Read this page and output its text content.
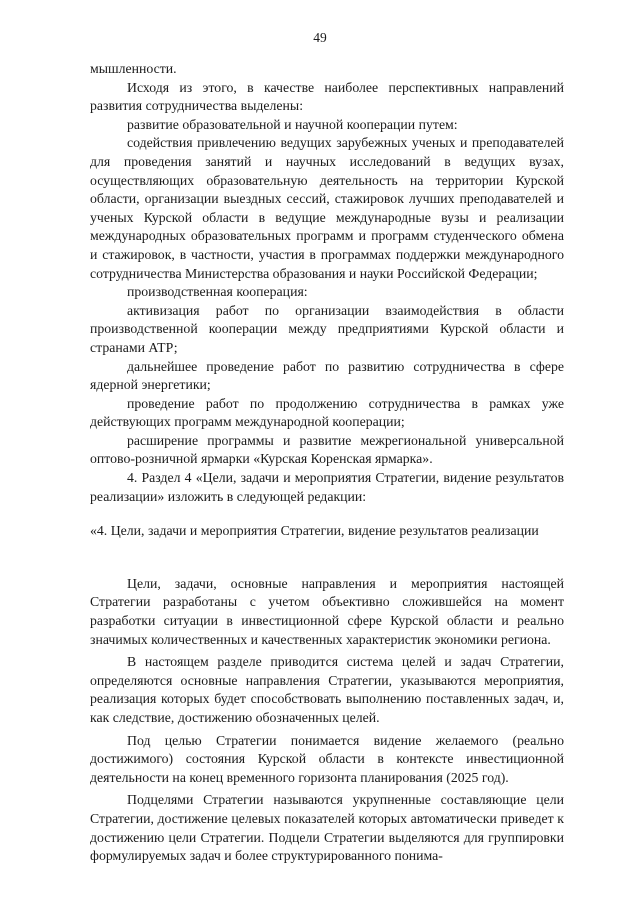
49

мышленности.

Исходя из этого, в качестве наиболее перспективных направлений развития сотрудничества выделены:

развитие образовательной и научной кооперации путем:

содействия привлечению ведущих зарубежных ученых и преподавателей для проведения занятий и научных исследований в ведущих вузах, осуществляющих образовательную деятельность на территории Курской области, организации выездных сессий, стажировок лучших преподавателей и ученых Курской области в ведущие международные вузы и реализации международных образовательных программ и программ студенческого обмена и стажировок, в частности, участия в программах поддержки международного сотрудничества Министерства образования и науки Российской Федерации;

производственная кооперация:

активизация работ по организации взаимодействия в области производственной кооперации между предприятиями Курской области и странами АТР;

дальнейшее проведение работ по развитию сотрудничества в сфере ядерной энергетики;

проведение работ по продолжению сотрудничества в рамках уже действующих программ международной кооперации;

расширение программы и развитие межрегиональной универсальной оптово-розничной ярмарки «Курская Коренская ярмарка».

4. Раздел 4 «Цели, задачи и мероприятия Стратегии, видение результатов реализации» изложить в следующей редакции:

«4. Цели, задачи и мероприятия Стратегии, видение результатов реализации

Цели, задачи, основные направления и мероприятия настоящей Стратегии разработаны с учетом объективно сложившейся на момент разработки ситуации в инвестиционной сфере Курской области и реально значимых количественных и качественных характеристик экономики региона.

В настоящем разделе приводится система целей и задач Стратегии, определяются основные направления Стратегии, указываются мероприятия, реализация которых будет способствовать выполнению поставленных задач, и, как следствие, достижению обозначенных целей.

Под целью Стратегии понимается видение желаемого (реально достижимого) состояния Курской области в контексте инвестиционной деятельности на конец временного горизонта планирования (2025 год).

Подцелями Стратегии называются укрупненные составляющие цели Стратегии, достижение целевых показателей которых автоматически приведет к достижению цели Стратегии. Подцели Стратегии выделяются для группировки формулируемых задач и более структурированного понима-
